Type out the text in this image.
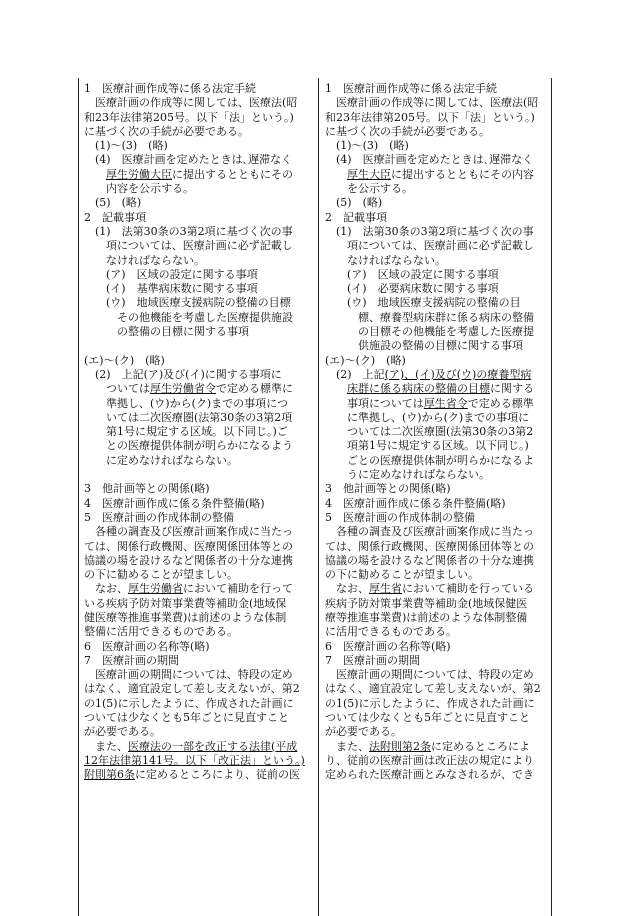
1　医療計画作成等に係る法定手続
医療計画の作成等に関しては、医療法(昭
和23年法律第205号。以下「法」という。)
に基づく次の手続が必要である。
(1)～(3)　(略)
(4)　医療計画を定めたときは､遅滞なく
厚生労働大臣に提出するとともにその
内容を公示する。
(5)　(略)
2　記載事項
(1)　法第30条の3第2項に基づく次の事
項については、医療計画に必ず記載し
なければならない。
(ア)　区域の設定に関する事項
(イ)　基準病床数に関する事項
(ウ)　地域医療支援病院の整備の目標
その他機能を考慮した医療提供施設
の整備の目標に関する事項
(エ)～(ク)　(略)
(2)　上記(ア)及び(イ)に関する事項に
ついては厚生労働省令で定める標準に
準拠し、(ウ)から(ク)までの事項につ
いては二次医療圏(法第30条の3第2項
第1号に規定する区域。以下同じ。)ご
との医療提供体制が明らかになるよう
に定めなければならない。
3　他計画等との関係(略)
4　医療計画作成に係る条件整備(略)
5　医療計画の作成体制の整備
各種の調査及び医療計画案作成に当たっ
ては、関係行政機関、医療関係団体等との
協議の場を設けるなど関係者の十分な連携
の下に勧めることが望ましい。
なお、厚生労働省において補助を行って
いる疾病予防対策事業費等補助金(地域保
健医療等推進事業費)は前述のような体制
整備に活用できるものである。
6　医療計画の名称等(略)
7　医療計画の期間
医療計画の期間については、特段の定め
はなく、適宜設定して差し支えないが、第2
の1(5)に示したように、作成された計画に
ついては少なくとも5年ごとに見直すこと
が必要である。
また、医療法の一部を改正する法律(平成
12年法律第141号。以下「改正法」という。)
附則第6条に定めるところにより、従前の医
1　医療計画作成等に係る法定手続
医療計画の作成等に関しては、医療法(昭
和23年法律第205号。以下「法」という。)
に基づく次の手続が必要である。
(1)～(3)　(略)
(4)　医療計画を定めたときは､遅滞なく
厚生大臣に提出するとともにその内容
を公示する。
(5)　(略)
2　記載事項
(1)　法第30条の3第2項に基づく次の事
項については、医療計画に必ず記載し
なければならない。
(ア)　区域の設定に関する事項
(イ)　必要病床数に関する事項
(ウ)　地域医療支援病院の整備の目
標、療養型病床群に係る病床の整備
の目標その他機能を考慮した医療提
供施設の整備の目標に関する事項
(エ)～(ク)　(略)
(2)　上記(ア)、(イ)及び(ウ)の療養型病
床群に係る病床の整備の目標に関する
事項については厚生省令で定める標準
に準拠し、(ウ)から(ク)までの事項に
ついては二次医療圏(法第30条の3第2
項第1号に規定する区域。以下同じ。)
ごとの医療提供体制が明らかになるよ
うに定めなければならない。
3　他計画等との関係(略)
4　医療計画作成に係る条件整備(略)
5　医療計画の作成体制の整備
各種の調査及び医療計画案作成に当たっ
ては、関係行政機関、医療関係団体等との
協議の場を設けるなど関係者の十分な連携
の下に勧めることが望ましい。
なお、厚生省において補助を行っている
疾病予防対策事業費等補助金(地域保健医
療等推進事業費)は前述のような体制整備
に活用できるものである。
6　医療計画の名称等(略)
7　医療計画の期間
医療計画の期間については、特段の定め
はなく、適宜設定して差し支えないが、第2
の1(5)に示したように、作成された計画に
ついては少なくとも5年ごとに見直すこと
が必要である。
また、法附則第2条に定めるところによ
り、従前の医療計画は改正法の規定により
定められた医療計画とみなされるが、でき
